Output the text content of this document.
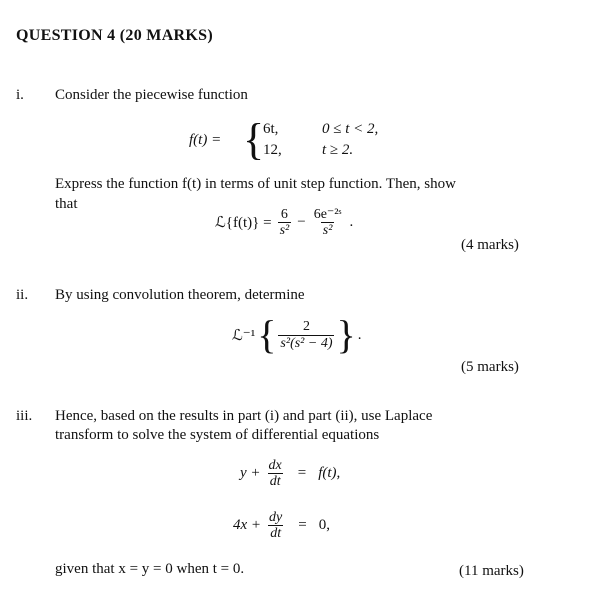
QUESTION 4 (20 MARKS)
i. Consider the piecewise function
f(t) = {
6t,	0 ≤ t < 2,
12,	t ≥ 2.
Express the function f(t) in terms of unit step function. Then, show
that
ℒ{f(t)} = $\frac{6}{\text{s²}} - \frac{\text{6e⁻²ˢ}}{\text{s²}}$ .
(4 marks)
ii. By using convolution theorem, determine
ℒ⁻¹ { $\frac{2}{\text{s²(s² − 4)}}$ } .
(5 marks)
iii. Hence, based on the results in part (i) and part (ii), use Laplace
transform to solve the system of differential equations
$y + \frac{dx}{dt} = f(t)$,
$4x + \frac{dy}{dt} = 0$,
given that x = y = 0 when t = 0.	(11 marks)
